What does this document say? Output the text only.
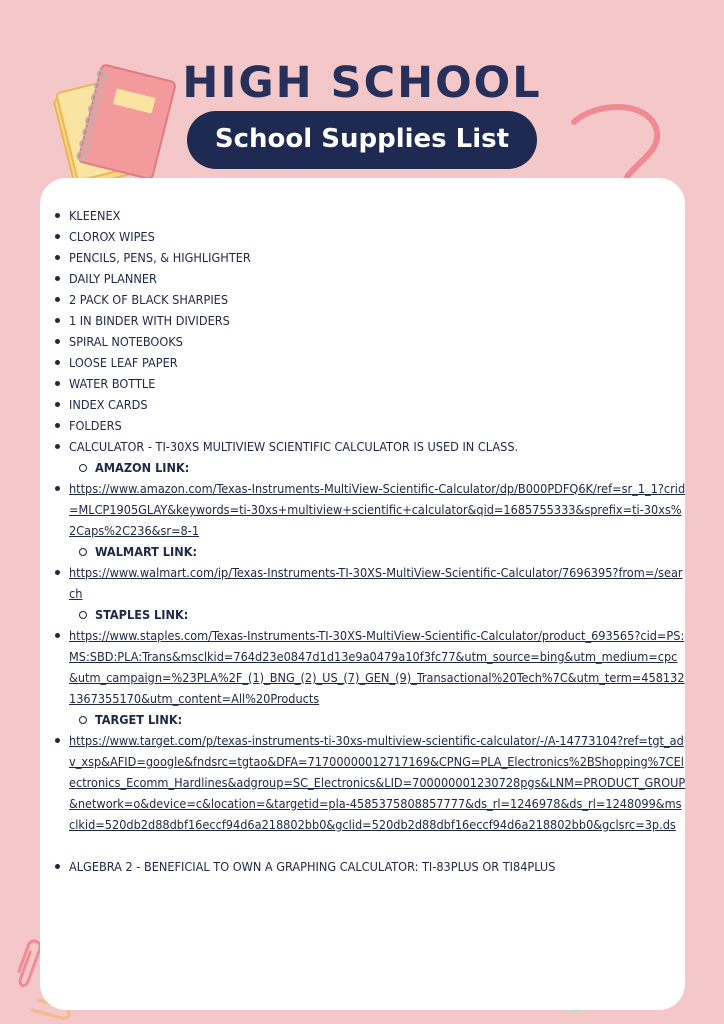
HIGH SCHOOL
School Supplies List
KLEENEX
CLOROX WIPES
PENCILS, PENS, & HIGHLIGHTER
DAILY PLANNER
2 PACK OF BLACK SHARPIES
1 IN BINDER WITH DIVIDERS
SPIRAL NOTEBOOKS
LOOSE LEAF PAPER
WATER BOTTLE
INDEX CARDS
FOLDERS
CALCULATOR - TI-30XS MULTIVIEW SCIENTIFIC CALCULATOR IS USED IN CLASS.
AMAZON LINK:
https://www.amazon.com/Texas-Instruments-MultiView-Scientific-Calculator/dp/B000PDFQ6K/ref=sr_1_1?crid=MLCP1905GLAY&keywords=ti-30xs+multiview+scientific+calculator&qid=1685755333&sprefix=ti-30xs%2Caps%2C236&sr=8-1
WALMART LINK:
https://www.walmart.com/ip/Texas-Instruments-TI-30XS-MultiView-Scientific-Calculator/7696395?from=/search
STAPLES LINK:
https://www.staples.com/Texas-Instruments-TI-30XS-MultiView-Scientific-Calculator/product_693565?cid=PS:MS:SBD:PLA:Trans&msclkid=764d23e0847d1d13e9a0479a10f3fc77&utm_source=bing&utm_medium=cpc&utm_campaign=%23PLA%2F_(1)_BNG_(2)_US_(7)_GEN_(9)_Transactional%20Tech%7C&utm_term=4581321367355170&utm_content=All%20Products
TARGET LINK:
https://www.target.com/p/texas-instruments-ti-30xs-multiview-scientific-calculator/-/A-14773104?ref=tgt_adv_xsp&AFID=google&fndsrc=tgtao&DFA=71700000012717169&CPNG=PLA_Electronics%2BShopping%7CElectronics_Ecomm_Hardlines&adgroup=SC_Electronics&LID=700000001230728pgs&LNM=PRODUCT_GROUP&network=o&device=c&location=&targetid=pla-4585375808857777&ds_rl=1246978&ds_rl=1248099&msclkid=520db2d88dbf16eccf94d6a218802bb0&gclid=520db2d88dbf16eccf94d6a218802bb0&gclsrc=3p.ds
ALGEBRA 2 - BENEFICIAL TO OWN A GRAPHING CALCULATOR: TI-83PLUS OR TI84PLUS
